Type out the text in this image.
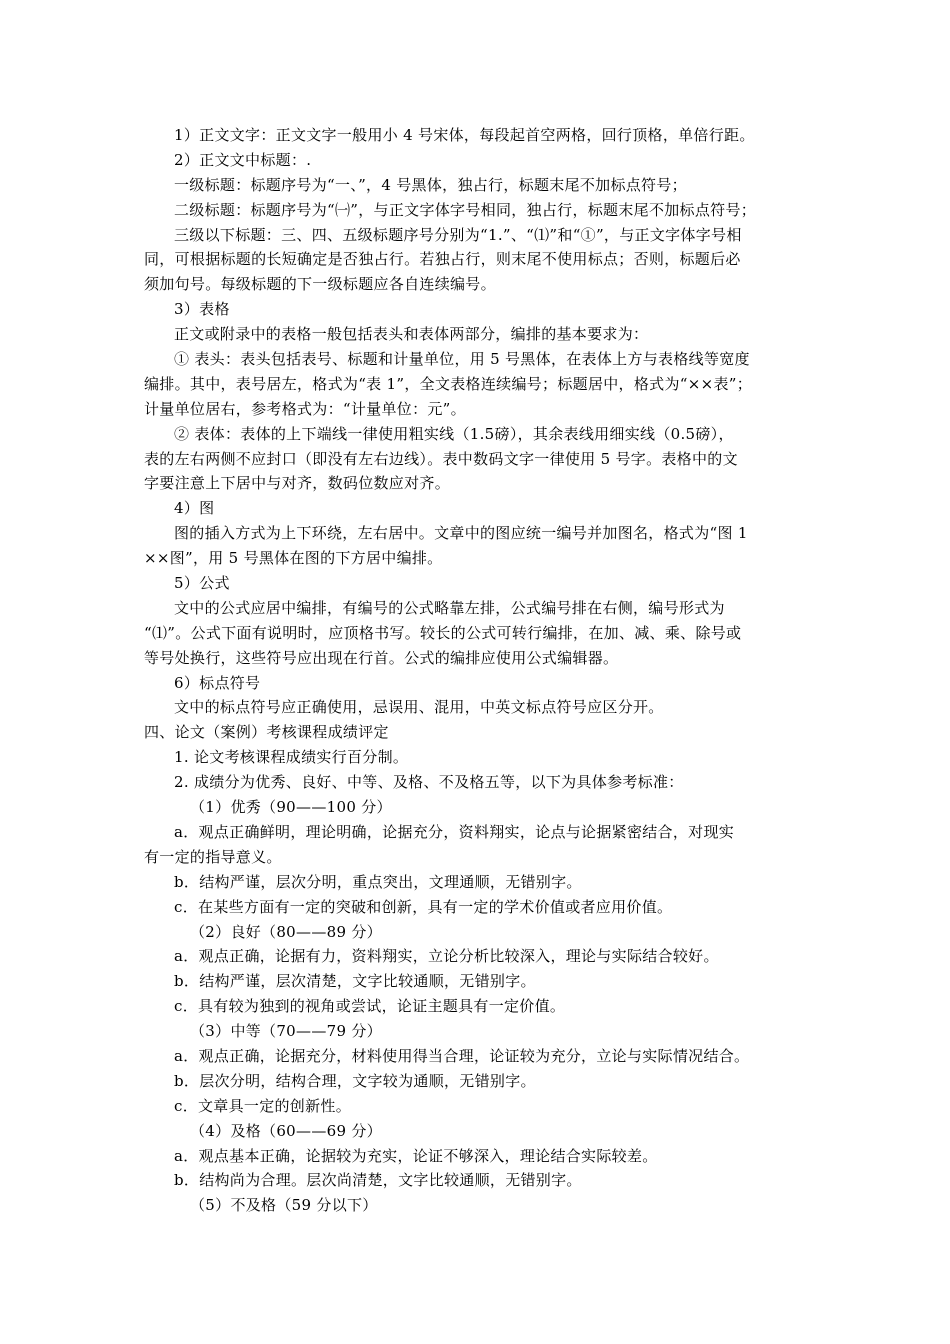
1）正文文字：正文文字一般用小 4 号宋体，每段起首空两格，回行顶格，单倍行距。
2）正文文中标题：.
一级标题：标题序号为“一、”，4 号黑体，独占行，标题末尾不加标点符号；
二级标题：标题序号为“㈠”，与正文字体字号相同，独占行，标题末尾不加标点符号；
三级以下标题：三、四、五级标题序号分别为“1.”、“⑴”和“①”，与正文字体字号相
同，可根据标题的长短确定是否独占行。若独占行，则末尾不使用标点；否则，标题后必
须加句号。每级标题的下一级标题应各自连续编号。
3）表格
正文或附录中的表格一般包括表头和表体两部分，编排的基本要求为：
① 表头：表头包括表号、标题和计量单位，用 5 号黑体，在表体上方与表格线等宽度
编排。其中，表号居左，格式为“表 1”，全文表格连续编号；标题居中，格式为“××表”；
计量单位居右，参考格式为：“计量单位：元”。
② 表体：表体的上下端线一律使用粗实线（1.5磅），其余表线用细实线（0.5磅），
表的左右两侧不应封口（即没有左右边线）。表中数码文字一律使用 5 号字。表格中的文
字要注意上下居中与对齐，数码位数应对齐。
4）图
图的插入方式为上下环绕，左右居中。文章中的图应统一编号并加图名，格式为“图 1
××图”，用 5 号黑体在图的下方居中编排。
5）公式
文中的公式应居中编排，有编号的公式略靠左排，公式编号排在右侧，编号形式为
“⑴”。公式下面有说明时，应顶格书写。较长的公式可转行编排，在加、减、乘、除号或
等号处换行，这些符号应出现在行首。公式的编排应使用公式编辑器。
6）标点符号
文中的标点符号应正确使用，忌误用、混用，中英文标点符号应区分开。
四、论文（案例）考核课程成绩评定
1. 论文考核课程成绩实行百分制。
2. 成绩分为优秀、良好、中等、及格、不及格五等，以下为具体参考标准：
（1）优秀（90——100 分）
a．观点正确鲜明，理论明确，论据充分，资料翔实，论点与论据紧密结合，对现实
有一定的指导意义。
b．结构严谨，层次分明，重点突出，文理通顺，无错别字。
c．在某些方面有一定的突破和创新，具有一定的学术价值或者应用价值。
（2）良好（80——89 分）
a．观点正确，论据有力，资料翔实，立论分析比较深入，理论与实际结合较好。
b．结构严谨，层次清楚，文字比较通顺，无错别字。
c．具有较为独到的视角或尝试，论证主题具有一定价值。
（3）中等（70——79 分）
a．观点正确，论据充分，材料使用得当合理，论证较为充分，立论与实际情况结合。
b．层次分明，结构合理，文字较为通顺，无错别字。
c．文章具一定的创新性。
（4）及格（60——69 分）
a．观点基本正确，论据较为充实，论证不够深入，理论结合实际较差。
b．结构尚为合理。层次尚清楚，文字比较通顺，无错别字。
（5）不及格（59 分以下）
